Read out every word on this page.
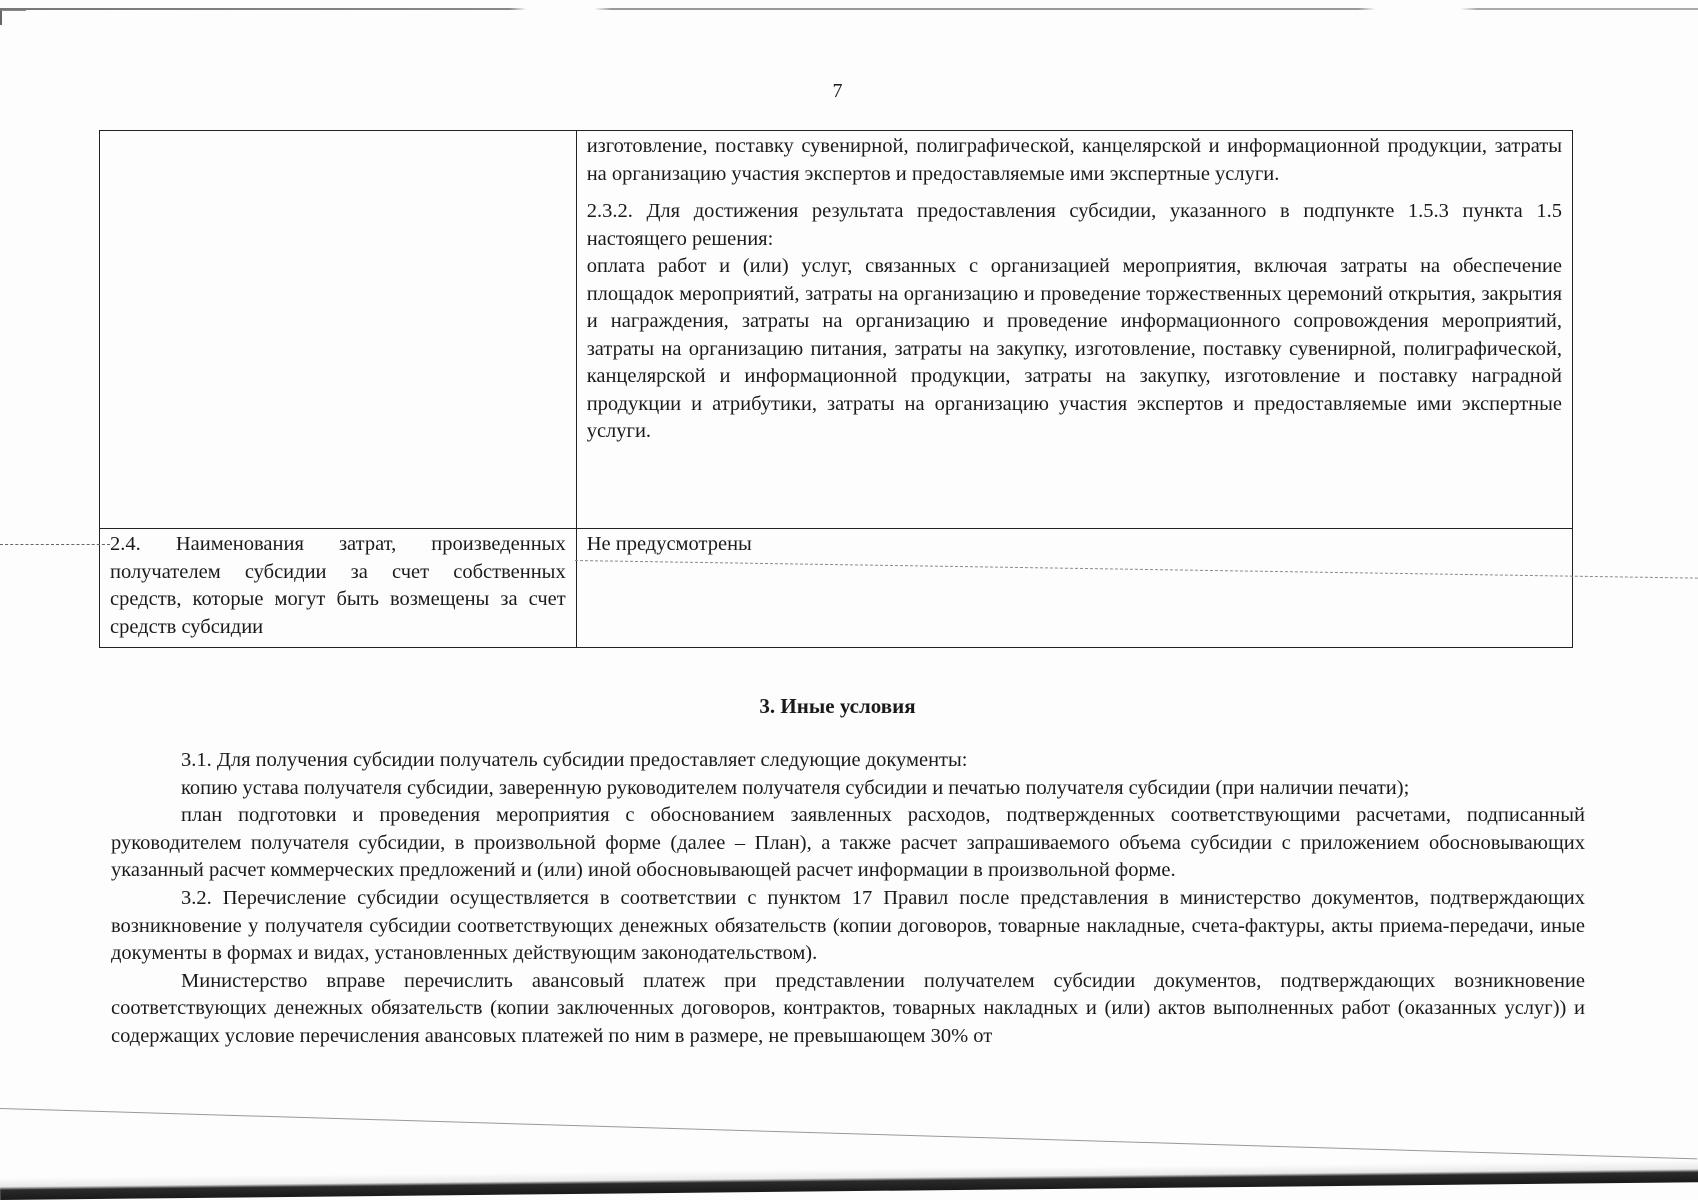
7

	изготовление, поставку сувенирной, полиграфической, канцелярской и информационной продукции, затраты на организацию участия экспертов и предоставляемые ими экспертные услуги.

2.3.2. Для достижения результата предоставления субсидии, указанного в подпункте 1.5.3 пункта 1.5 настоящего решения:
оплата работ и (или) услуг, связанных с организацией мероприятия, включая затраты на обеспечение площадок мероприятий, затраты на организацию и проведение торжественных церемоний открытия, закрытия и награждения, затраты на организацию и проведение информационного сопровождения мероприятий, затраты на организацию питания, затраты на закупку, изготовление, поставку сувенирной, полиграфической, канцелярской и информационной продукции, затраты на закупку, изготовление и поставку наградной продукции и атрибутики, затраты на организацию участия экспертов и предоставляемые ими экспертные услуги.

2.4. Наименования затрат, произведенных получателем субсидии за счет собственных средств, которые могут быть возмещены за счет средств субсидии	Не предусмотрены
3. Иные условия

3.1. Для получения субсидии получатель субсидии предоставляет следующие документы:

копию устава получателя субсидии, заверенную руководителем получателя субсидии и печатью получателя субсидии (при наличии печати);

план подготовки и проведения мероприятия с обоснованием заявленных расходов, подтвержденных соответствующими расчетами, подписанный руководителем получателя субсидии, в произвольной форме (далее – План), а также расчет запрашиваемого объема субсидии с приложением обосновывающих указанный расчет коммерческих предложений и (или) иной обосновывающей расчет информации в произвольной форме.

3.2. Перечисление субсидии осуществляется в соответствии с пунктом 17 Правил после представления в министерство документов, подтверждающих возникновение у получателя субсидии соответствующих денежных обязательств (копии договоров, товарные накладные, счета-фактуры, акты приема-передачи, иные документы в формах и видах, установленных действующим законодательством).

Министерство вправе перечислить авансовый платеж при представлении получателем субсидии документов, подтверждающих возникновение соответствующих денежных обязательств (копии заключенных договоров, контрактов, товарных накладных и (или) актов выполненных работ (оказанных услуг)) и содержащих условие перечисления авансовых платежей по ним в размере, не превышающем 30% от
